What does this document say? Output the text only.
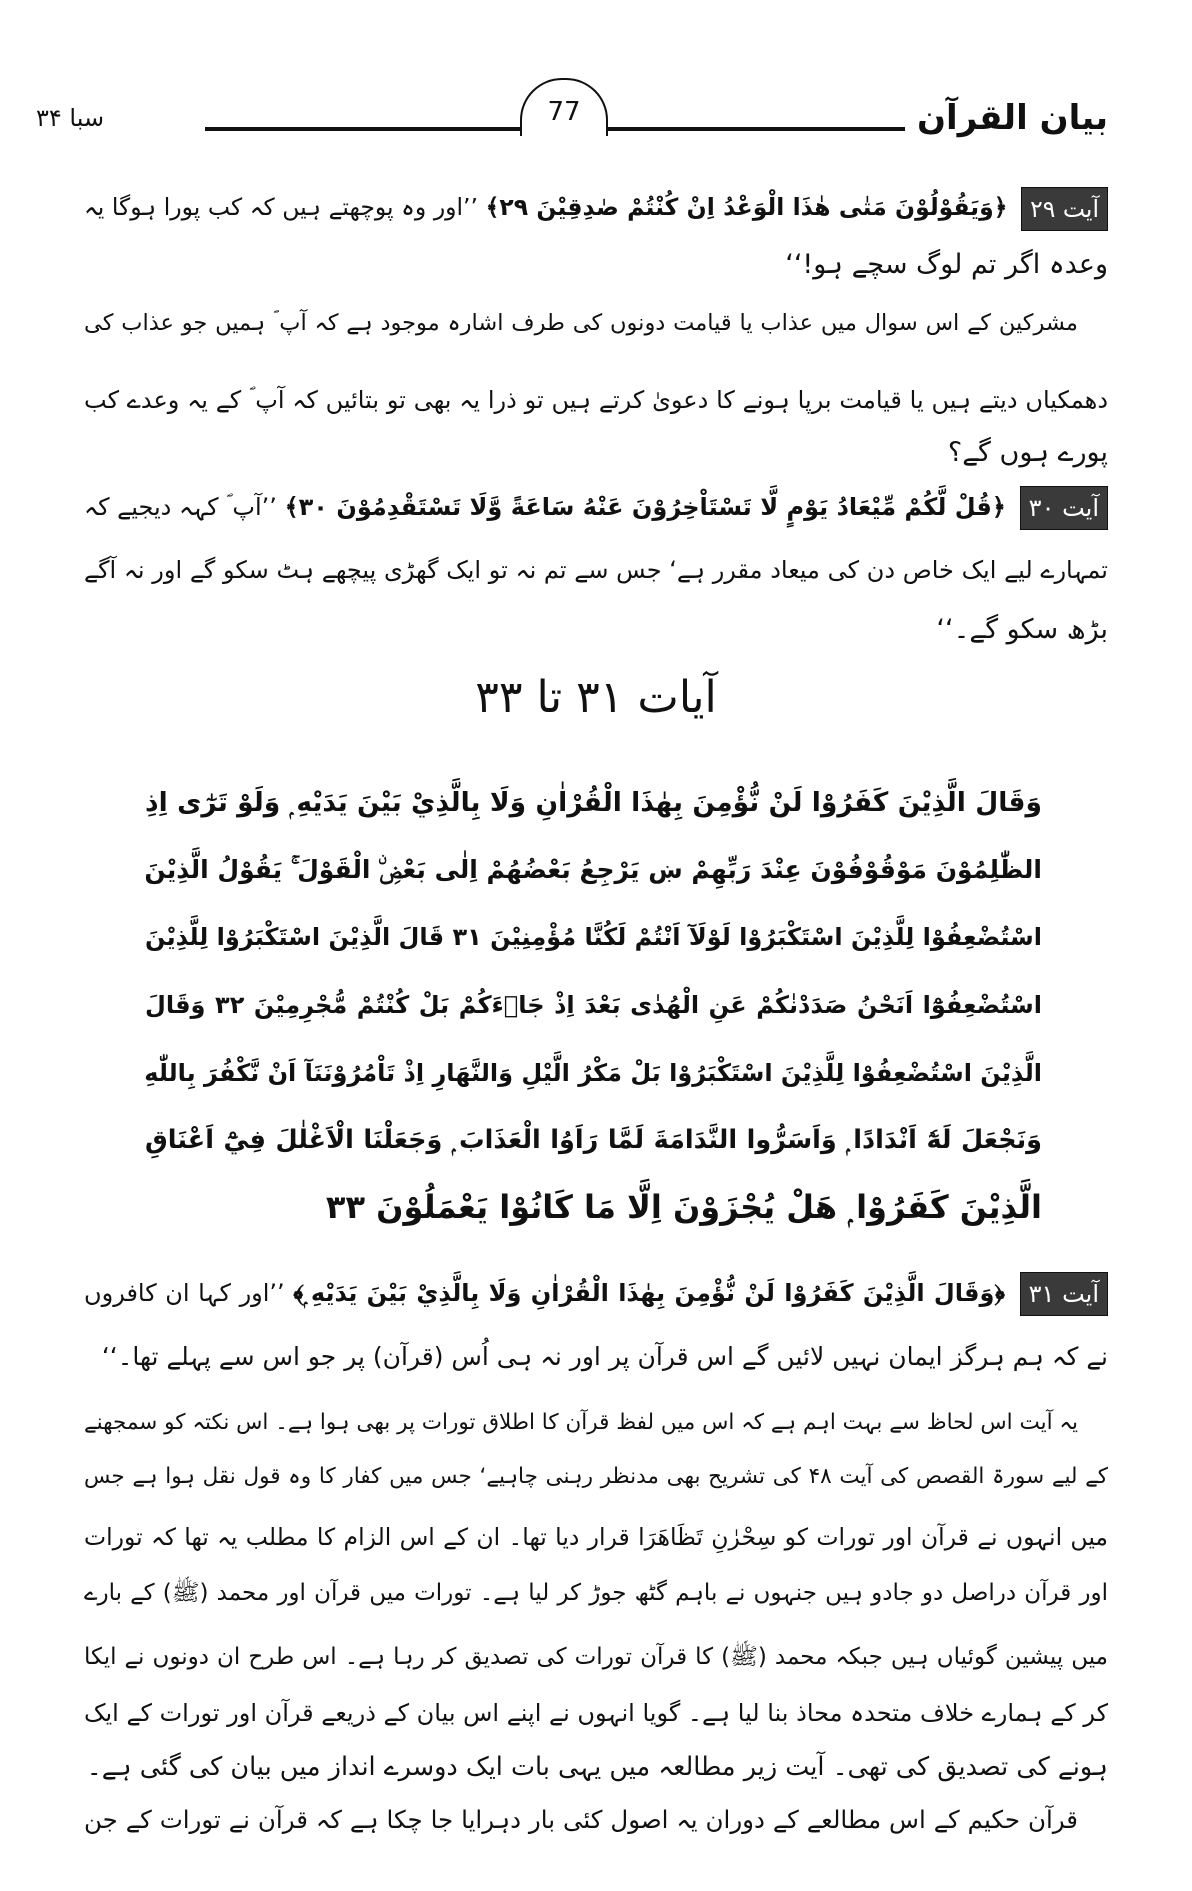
بیان القرآن
77
سبا ۳۴
آیت ۲۹ ﴿وَيَقُوْلُوْنَ مَتٰى هٰذَا الْوَعْدُ اِنْ كُنْتُمْ صٰدِقِيْنَ ۲۹﴾ ’’اور وہ پوچھتے ہیں کہ کب پورا ہوگا یہ
وعدہ اگر تم لوگ سچے ہو!‘‘
مشرکین کے اس سوال میں عذاب یا قیامت دونوں کی طرف اشارہ موجود ہے کہ آپ ؐ ہمیں جو عذاب کی
دھمکیاں دیتے ہیں یا قیامت برپا ہونے کا دعویٰ کرتے ہیں تو ذرا یہ بھی تو بتائیں کہ آپ ؐ کے یہ وعدے کب
پورے ہوں گے؟
آیت ۳۰ ﴿قُلْ لَّكُمْ مِّيْعَادُ يَوْمٍ لَّا تَسْتَاْخِرُوْنَ عَنْهُ سَاعَةً وَّلَا تَسْتَقْدِمُوْنَ ۳۰﴾ ’’آپ ؐ کہہ دیجیے کہ
تمہارے لیے ایک خاص دن کی میعاد مقرر ہے‘ جس سے تم نہ تو ایک گھڑی پیچھے ہٹ سکو گے اور نہ آگے
بڑھ سکو گے۔‘‘
آیات ۳۱ تا ۳۳
وَقَالَ الَّذِيْنَ كَفَرُوْا لَنْ نُّؤْمِنَ بِهٰذَا الْقُرْاٰنِ وَلَا بِالَّذِيْ بَيْنَ يَدَيْهِ ۭ وَلَوْ تَرٰٓى اِذِ
الظّٰلِمُوْنَ مَوْقُوْفُوْنَ عِنْدَ رَبِّهِمْ ښ يَرْجِعُ بَعْضُهُمْ اِلٰى بَعْضِۨ الْقَوْلَ ۚ يَقُوْلُ الَّذِيْنَ
اسْتُضْعِفُوْا لِلَّذِيْنَ اسْتَكْبَرُوْا لَوْلَآ اَنْتُمْ لَكُنَّا مُؤْمِنِيْنَ ۳۱ قَالَ الَّذِيْنَ اسْتَكْبَرُوْا لِلَّذِيْنَ
اسْتُضْعِفُوْٓا اَنَحْنُ صَدَدْنٰكُمْ عَنِ الْهُدٰى بَعْدَ اِذْ جَاۗءَكُمْ بَلْ كُنْتُمْ مُّجْرِمِيْنَ ۳۲ وَقَالَ
الَّذِيْنَ اسْتُضْعِفُوْا لِلَّذِيْنَ اسْتَكْبَرُوْا بَلْ مَكْرُ الَّيْلِ وَالنَّهَارِ اِذْ تَاْمُرُوْنَنَآ اَنْ نَّكْفُرَ بِاللّٰهِ
وَنَجْعَلَ لَهٗٓ اَنْدَادًا ۭ وَاَسَرُّوا النَّدَامَةَ لَمَّا رَاَوُا الْعَذَابَ ۭ وَجَعَلْنَا الْاَغْلٰلَ فِيْٓ اَعْنَاقِ
الَّذِيْنَ كَفَرُوْا ۭ هَلْ يُجْزَوْنَ اِلَّا مَا كَانُوْا يَعْمَلُوْنَ ۳۳
آیت ۳۱ ﴿وَقَالَ الَّذِيْنَ كَفَرُوْا لَنْ نُّؤْمِنَ بِهٰذَا الْقُرْاٰنِ وَلَا بِالَّذِيْ بَيْنَ يَدَيْهِ ۭ﴾ ’’اور کہا ان کافروں
نے کہ ہم ہرگز ایمان نہیں لائیں گے اس قرآن پر اور نہ ہی اُس (قرآن) پر جو اس سے پہلے تھا۔‘‘
یہ آیت اس لحاظ سے بہت اہم ہے کہ اس میں لفظ قرآن کا اطلاق تورات پر بھی ہوا ہے۔ اس نکتہ کو سمجھنے
کے لیے سورۃ القصص کی آیت ۴۸ کی تشریح بھی مدنظر رہنی چاہیے‘ جس میں کفار کا وہ قول نقل ہوا ہے جس
میں انہوں نے قرآن اور تورات کو سِحْرٰنِ تَظَاهَرَا قرار دیا تھا۔ ان کے اس الزام کا مطلب یہ تھا کہ تورات
اور قرآن دراصل دو جادو ہیں جنہوں نے باہم گٹھ جوڑ کر لیا ہے۔ تورات میں قرآن اور محمد (ﷺ) کے بارے
میں پیشین گوئیاں ہیں جبکہ محمد (ﷺ) کا قرآن تورات کی تصدیق کر رہا ہے۔ اس طرح ان دونوں نے ایکا
کر کے ہمارے خلاف متحدہ محاذ بنا لیا ہے۔ گویا انہوں نے اپنے اس بیان کے ذریعے قرآن اور تورات کے ایک
ہونے کی تصدیق کی تھی۔ آیت زیر مطالعہ میں یہی بات ایک دوسرے انداز میں بیان کی گئی ہے۔
قرآن حکیم کے اس مطالعے کے دوران یہ اصول کئی بار دہرایا جا چکا ہے کہ قرآن نے تورات کے جن
